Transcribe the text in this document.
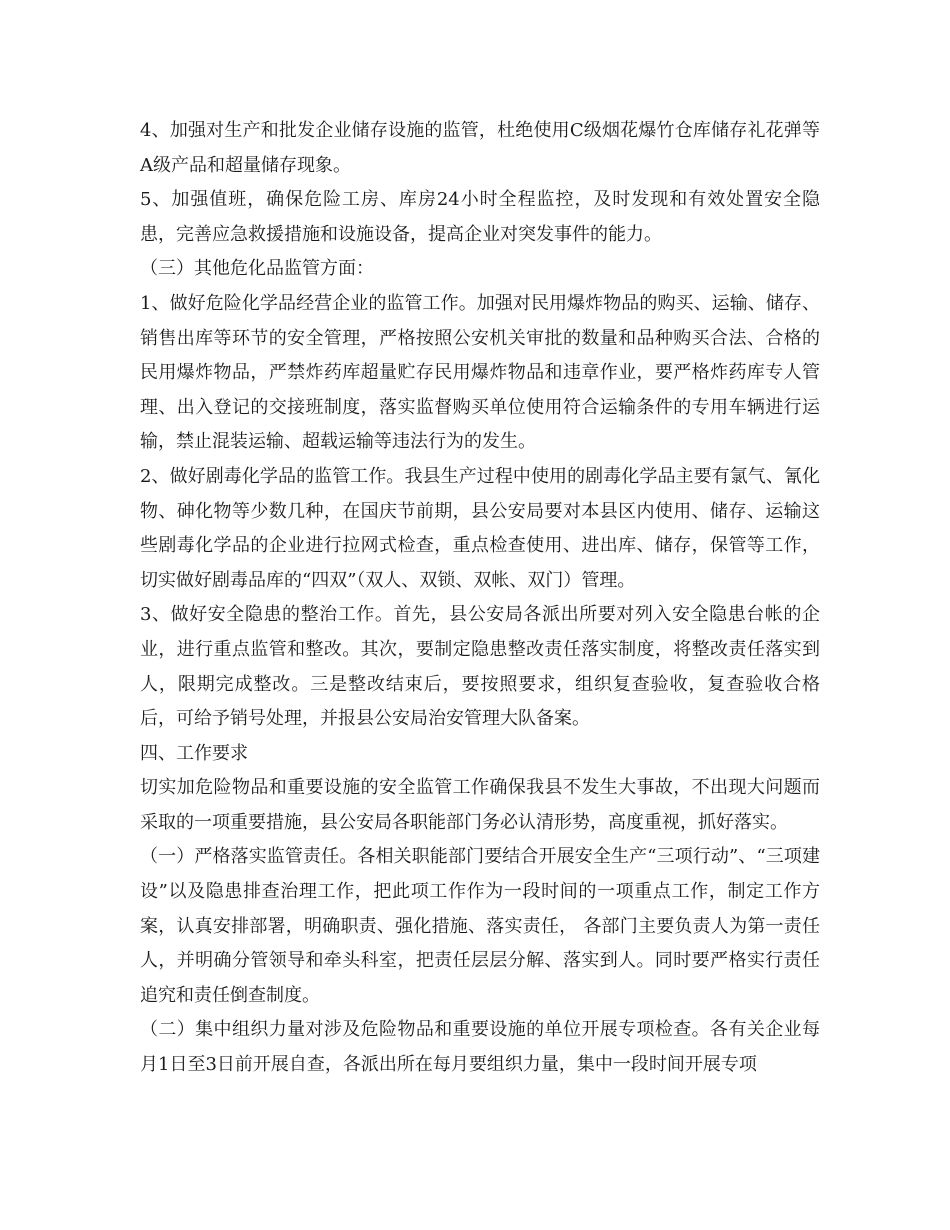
4、加强对生产和批发企业储存设施的监管，杜绝使用C级烟花爆竹仓库储存礼花弹等A级产品和超量储存现象。

5、加强值班，确保危险工房、库房24小时全程监控，及时发现和有效处置安全隐患，完善应急救援措施和设施设备，提高企业对突发事件的能力。

（三）其他危化品监管方面：

1、做好危险化学品经营企业的监管工作。加强对民用爆炸物品的购买、运输、储存、销售出库等环节的安全管理，严格按照公安机关审批的数量和品种购买合法、合格的民用爆炸物品，严禁炸药库超量贮存民用爆炸物品和违章作业，要严格炸药库专人管理、出入登记的交接班制度，落实监督购买单位使用符合运输条件的专用车辆进行运输，禁止混装运输、超载运输等违法行为的发生。

2、做好剧毒化学品的监管工作。我县生产过程中使用的剧毒化学品主要有氯气、氰化物、砷化物等少数几种，在国庆节前期，县公安局要对本县区内使用、储存、运输这些剧毒化学品的企业进行拉网式检查，重点检查使用、进出库、储存，保管等工作，切实做好剧毒品库的“四双”（双人、双锁、双帐、双门）管理。

3、做好安全隐患的整治工作。首先，县公安局各派出所要对列入安全隐患台帐的企业，进行重点监管和整改。其次，要制定隐患整改责任落实制度，将整改责任落实到人，限期完成整改。三是整改结束后，要按照要求，组织复查验收，复查验收合格后，可给予销号处理，并报县公安局治安管理大队备案。

四、工作要求

切实加危险物品和重要设施的安全监管工作确保我县不发生大事故，不出现大问题而采取的一项重要措施，县公安局各职能部门务必认清形势，高度重视，抓好落实。

（一）严格落实监管责任。各相关职能部门要结合开展安全生产“三项行动”、“三项建设”以及隐患排查治理工作，把此项工作作为一段时间的一项重点工作，制定工作方案，认真安排部署，明确职责、强化措施、落实责任， 各部门主要负责人为第一责任人，并明确分管领导和牵头科室，把责任层层分解、落实到人。同时要严格实行责任追究和责任倒查制度。

（二）集中组织力量对涉及危险物品和重要设施的单位开展专项检查。各有关企业每月1日至3日前开展自查，各派出所在每月要组织力量，集中一段时间开展专项
